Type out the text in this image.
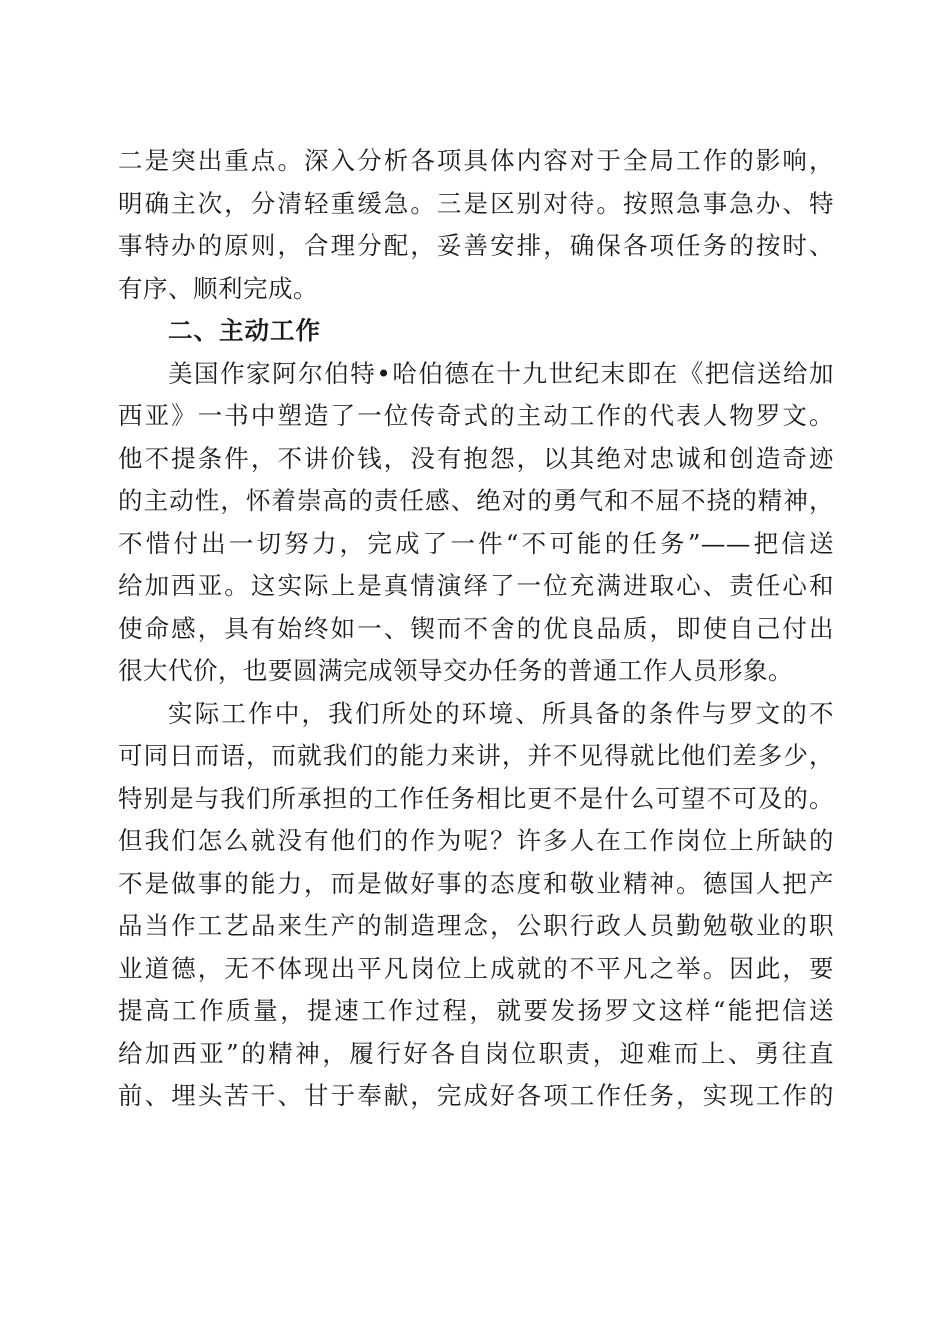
二是突出重点。深入分析各项具体内容对于全局工作的影响，
明确主次，分清轻重缓急。三是区别对待。按照急事急办、特
事特办的原则，合理分配，妥善安排，确保各项任务的按时、
有序、顺利完成。
二、主动工作
美国作家阿尔伯特•哈伯德在十九世纪末即在《把信送给加
西亚》一书中塑造了一位传奇式的主动工作的代表人物罗文。
他不提条件，不讲价钱，没有抱怨，以其绝对忠诚和创造奇迹
的主动性，怀着崇高的责任感、绝对的勇气和不屈不挠的精神，
不惜付出一切努力，完成了一件“不可能的任务”——把信送
给加西亚。这实际上是真情演绎了一位充满进取心、责任心和
使命感，具有始终如一、锲而不舍的优良品质，即使自己付出
很大代价，也要圆满完成领导交办任务的普通工作人员形象。
实际工作中，我们所处的环境、所具备的条件与罗文的不
可同日而语，而就我们的能力来讲，并不见得就比他们差多少，
特别是与我们所承担的工作任务相比更不是什么可望不可及的。
但我们怎么就没有他们的作为呢？许多人在工作岗位上所缺的
不是做事的能力，而是做好事的态度和敬业精神。德国人把产
品当作工艺品来生产的制造理念，公职行政人员勤勉敬业的职
业道德，无不体现出平凡岗位上成就的不平凡之举。因此，要
提高工作质量，提速工作过程，就要发扬罗文这样“能把信送
给加西亚”的精神，履行好各自岗位职责，迎难而上、勇往直
前、埋头苦干、甘于奉献，完成好各项工作任务，实现工作的
